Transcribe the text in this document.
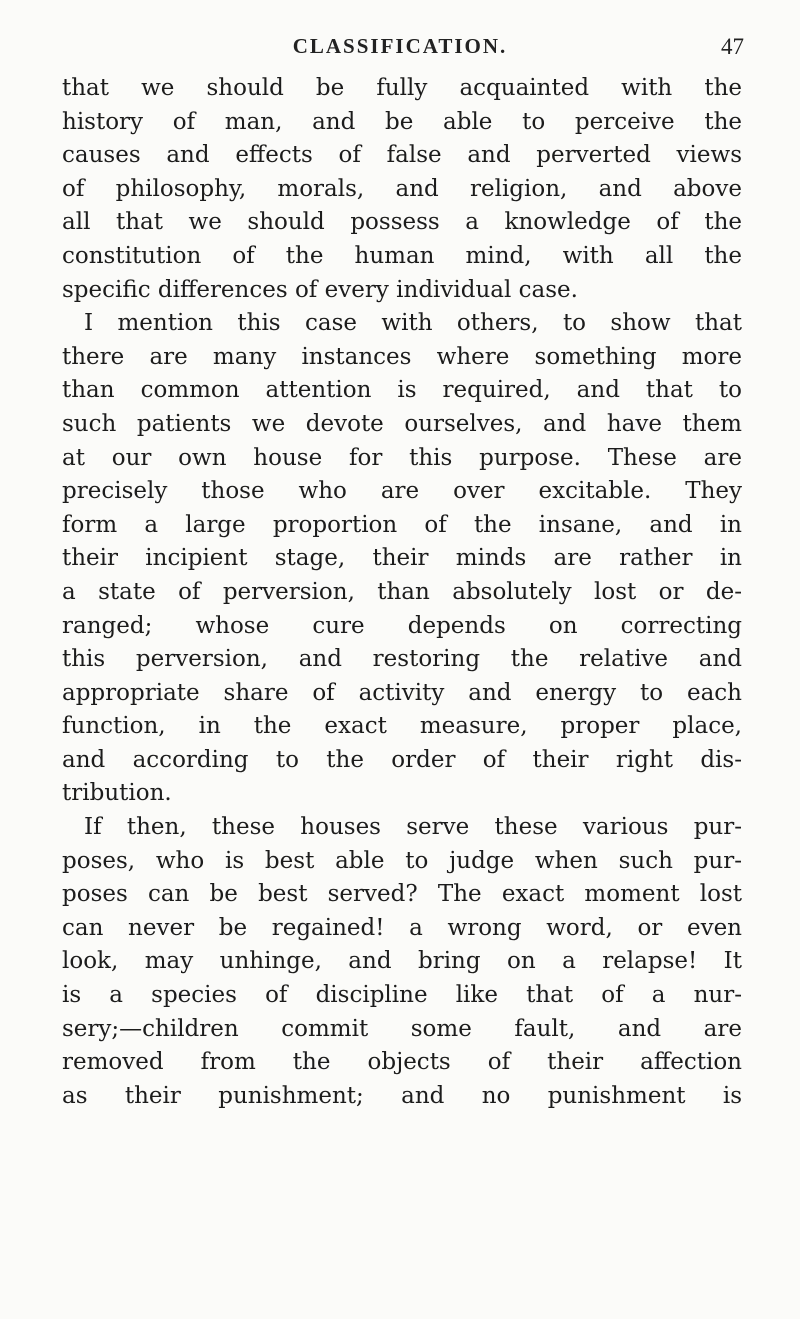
CLASSIFICATION.	47
that we should be fully acquainted with the
history of man, and be able to perceive the
causes and effects of false and perverted views
of philosophy, morals, and religion, and above
all that we should possess a knowledge of the
constitution of the human mind, with all the
specific differences of every individual case.
I mention this case with others, to show that
there are many instances where something more
than common attention is required, and that to
such patients we devote ourselves, and have them
at our own house for this purpose. These are
precisely those who are over excitable. They
form a large proportion of the insane, and in
their incipient stage, their minds are rather in
a state of perversion, than absolutely lost or de-
ranged; whose cure depends on correcting
this perversion, and restoring the relative and
appropriate share of activity and energy to each
function, in the exact measure, proper place,
and according to the order of their right dis-
tribution.
If then, these houses serve these various pur-
poses, who is best able to judge when such pur-
poses can be best served? The exact moment lost
can never be regained! a wrong word, or even
look, may unhinge, and bring on a relapse! It
is a species of discipline like that of a nur-
sery;—children commit some fault, and are
removed from the objects of their affection
as their punishment; and no punishment is
